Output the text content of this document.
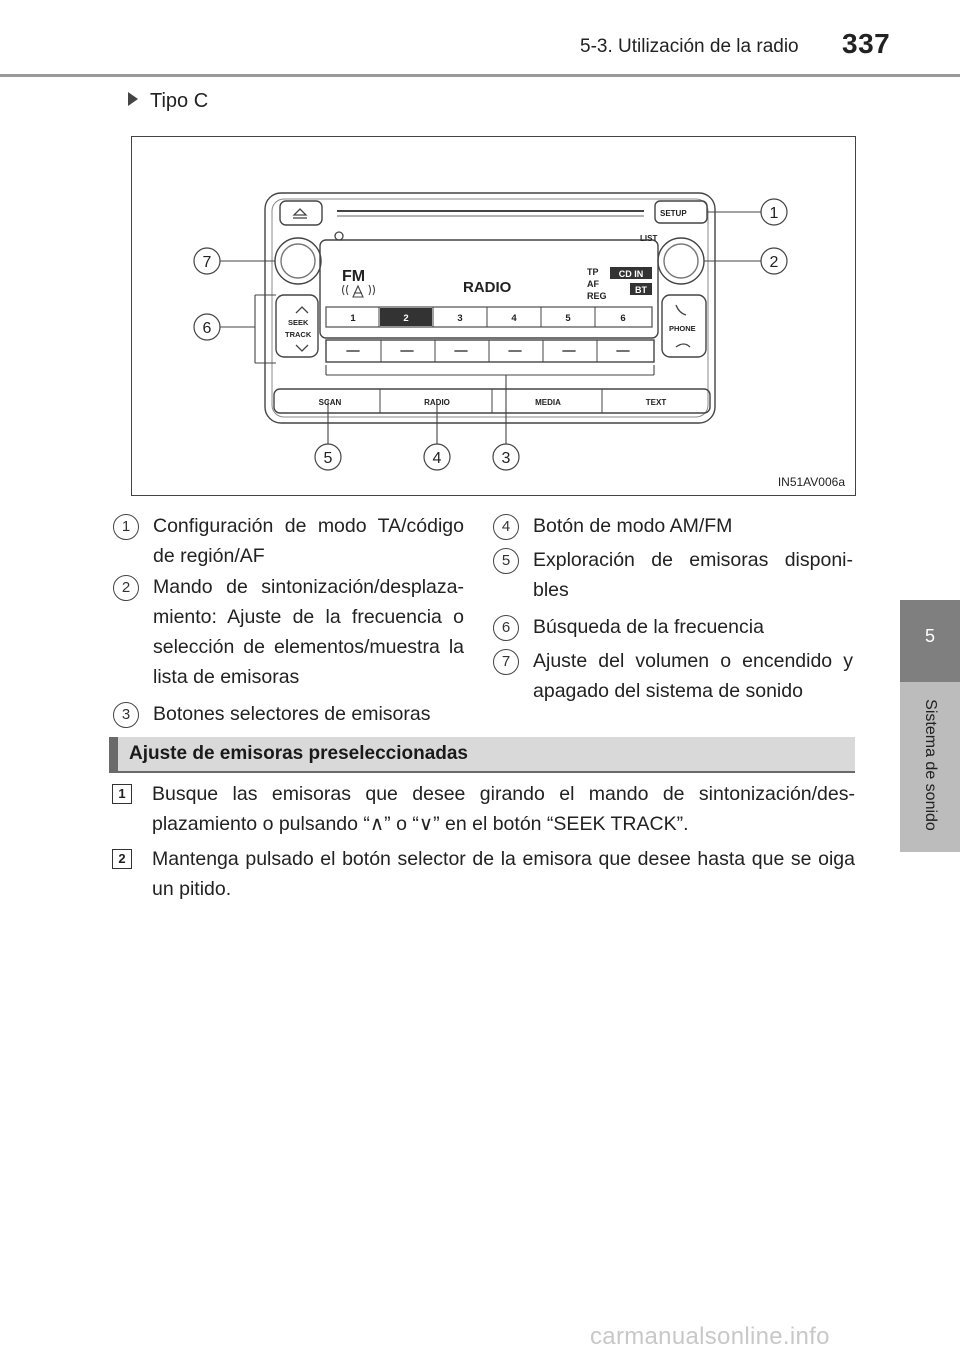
5-3. Utilización de la radio 337
5
Sistema de sonido
Tipo C
FM
RADIO
TP
AF
REG
LIST
SETUP
SEEK
TRACK
PHONE
1	2	3	4	5	6
SCAN	RADIO	MEDIA	TEXT
CD IN
BT
1
2
3
4
5
6
7
IN51AV006a
1	Configuración de modo TA/código de región/AF
2	Mando de sintonización/desplaza-miento: Ajuste de la frecuencia o selección de elementos/muestra la lista de emisoras
3	Botones selectores de emisoras
4	Botón de modo AM/FM
5	Exploración de emisoras disponi-bles
6	Búsqueda de la frecuencia
7	Ajuste del volumen o encendido y apagado del sistema de sonido
Ajuste de emisoras preseleccionadas
1	Busque las emisoras que desee girando el mando de sintonización/des-plazamiento o pulsando “∧” o “∨” en el botón “SEEK TRACK”.
2	Mantenga pulsado el botón selector de la emisora que desee hasta que se oiga un pitido.
carmanualsonline.info
